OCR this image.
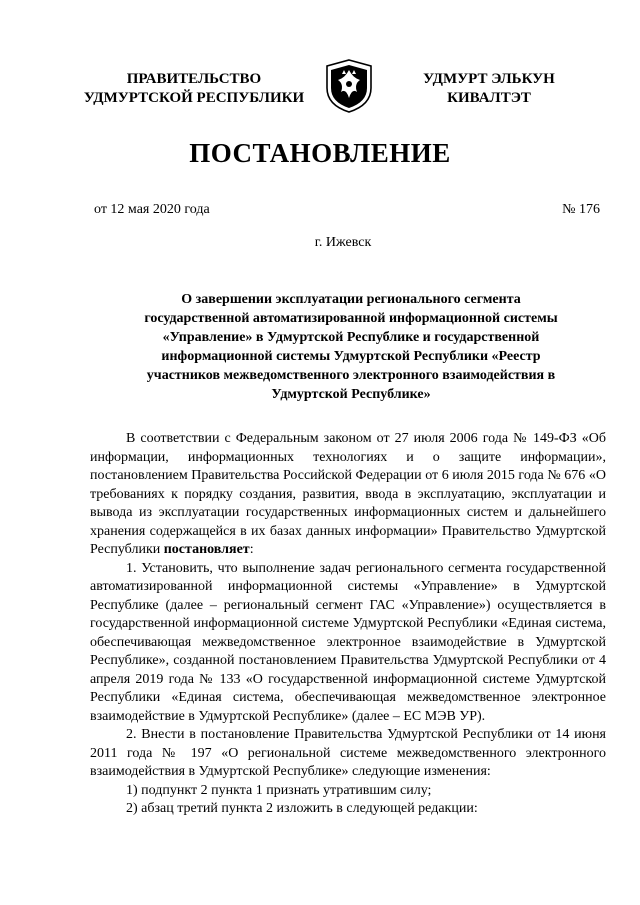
ПРАВИТЕЛЬСТВО
УДМУРТСКОЙ РЕСПУБЛИКИ
УДМУРТ ЭЛЬКУН
КИВАЛТЭТ
ПОСТАНОВЛЕНИЕ
от 12 мая 2020 года	№ 176
г. Ижевск
О завершении эксплуатации регионального сегмента государственной автоматизированной информационной системы «Управление» в Удмуртской Республике и государственной информационной системы Удмуртской Республики «Реестр участников межведомственного электронного взаимодействия в Удмуртской Республике»

В соответствии с Федеральным законом от 27 июля 2006 года № 149-ФЗ «Об информации, информационных технологиях и о защите информации», постановлением Правительства Российской Федерации от 6 июля 2015 года № 676 «О требованиях к порядку создания, развития, ввода в эксплуатацию, эксплуатации и вывода из эксплуатации государственных информационных систем и дальнейшего хранения содержащейся в их базах данных информации» Правительство Удмуртской Республики постановляет:

1. Установить, что выполнение задач регионального сегмента государственной автоматизированной информационной системы «Управление» в Удмуртской Республике (далее – региональный сегмент ГАС «Управление») осуществляется в государственной информационной системе Удмуртской Республики «Единая система, обеспечивающая межведомственное электронное взаимодействие в Удмуртской Республике», созданной постановлением Правительства Удмуртской Республики от 4 апреля 2019 года № 133 «О государственной информационной системе Удмуртской Республики «Единая система, обеспечивающая межведомственное электронное взаимодействие в Удмуртской Республике» (далее – ЕС МЭВ УР).

2. Внести в постановление Правительства Удмуртской Республики от 14 июня 2011 года № 197 «О региональной системе межведомственного электронного взаимодействия в Удмуртской Республике» следующие изменения:

1) подпункт 2 пункта 1 признать утратившим силу;

2) абзац третий пункта 2 изложить в следующей редакции:
